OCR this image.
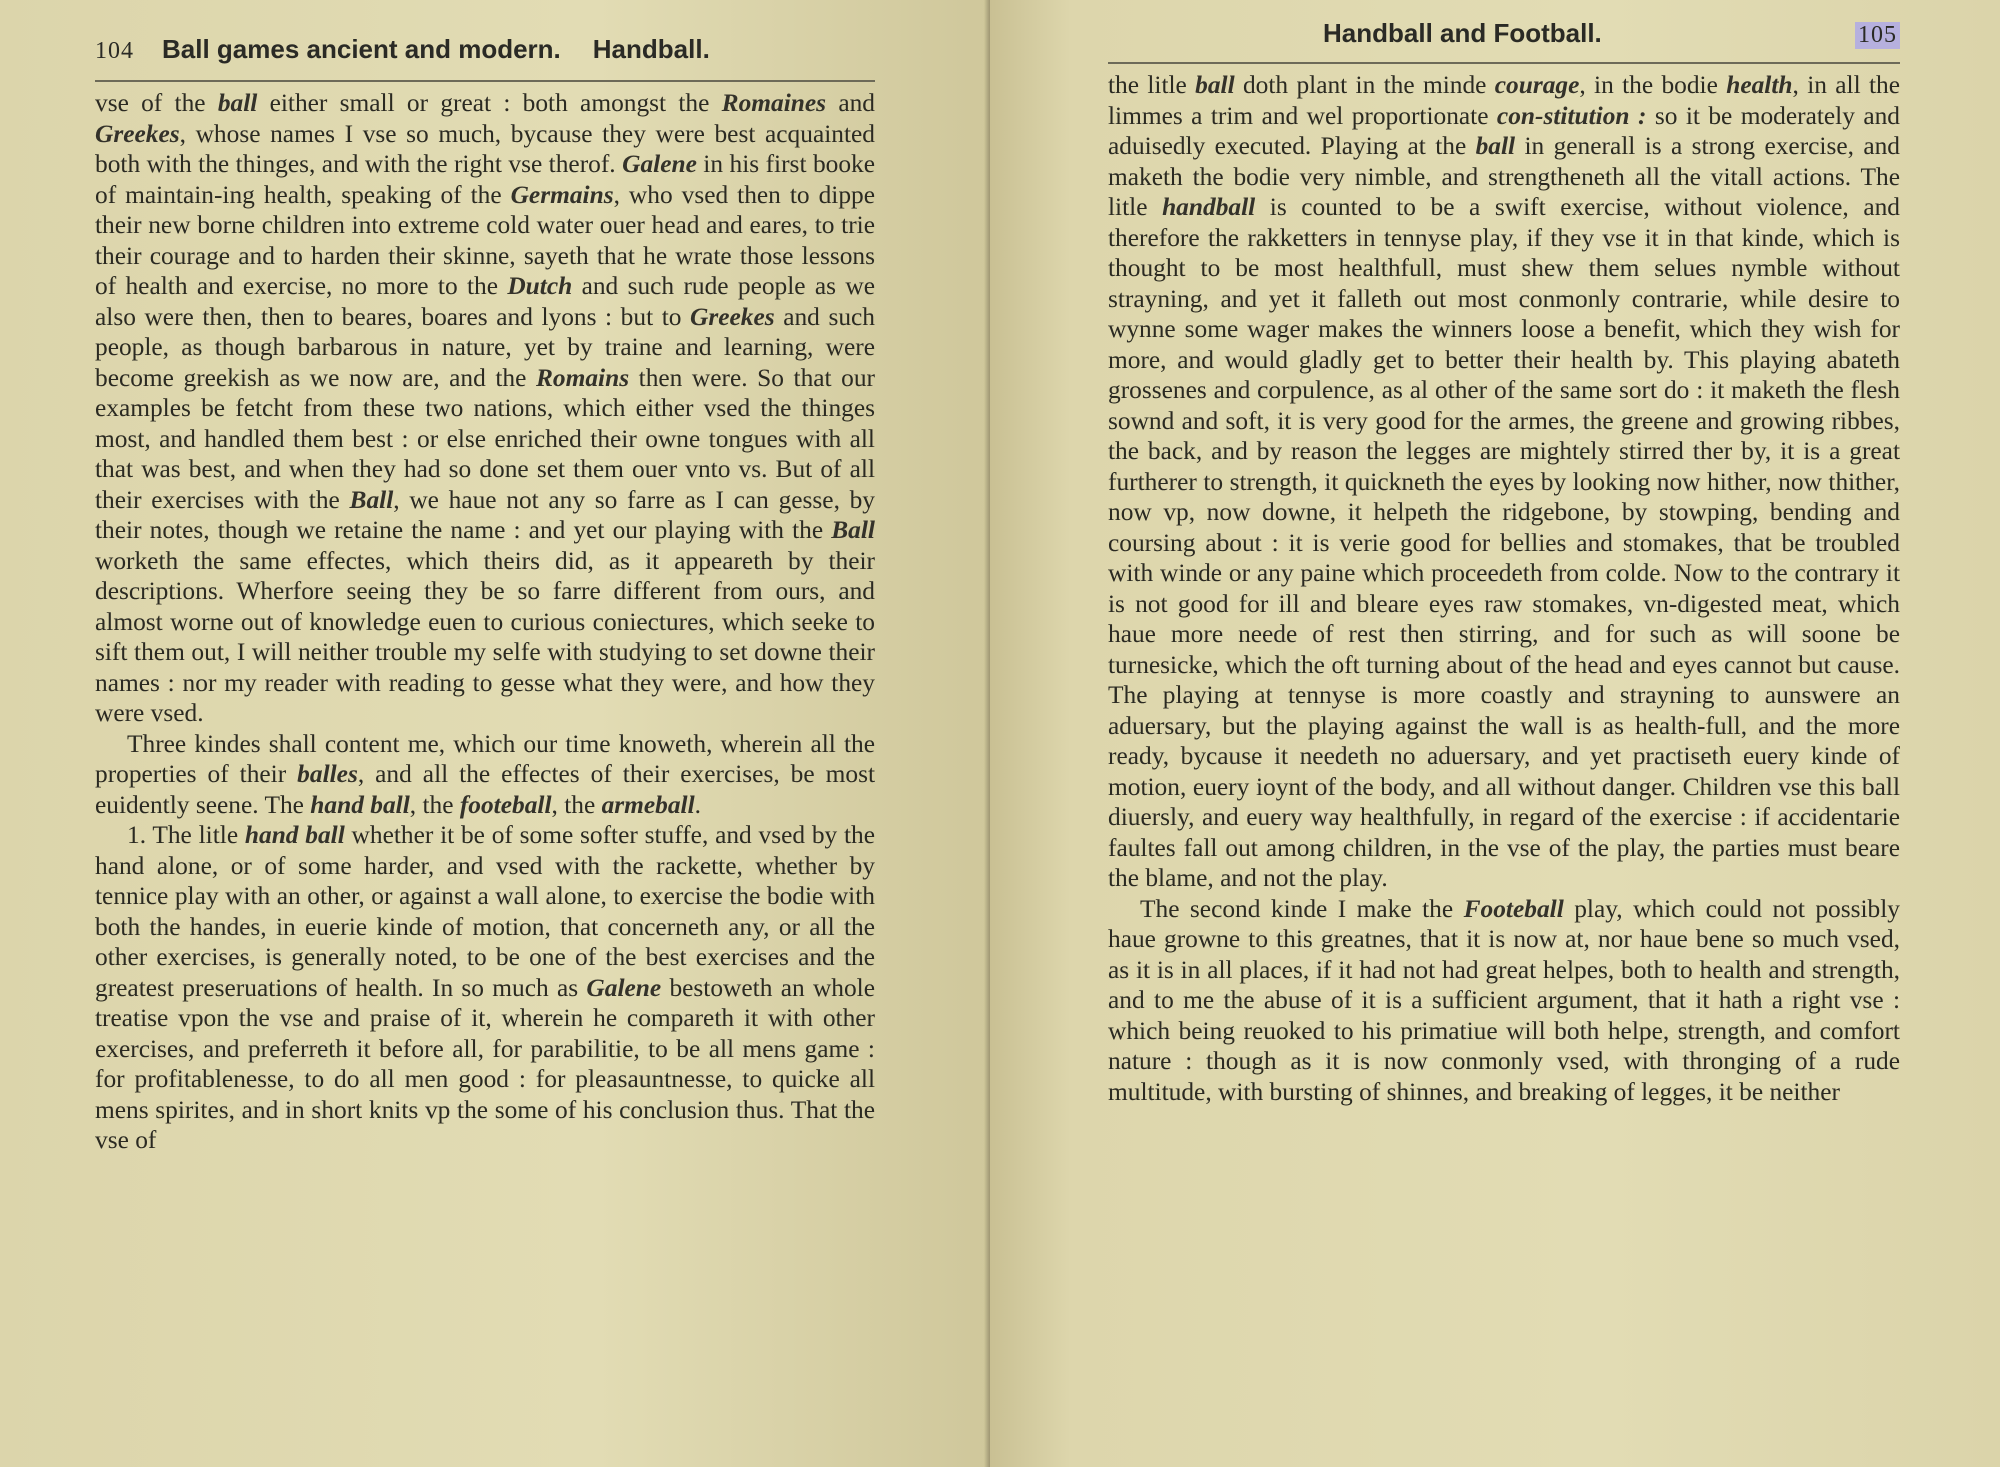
104 Ball games ancient and modern. Handball.

vse of the ball either small or great : both amongst the Romaines and Greekes, whose names I vse so much, bycause they were best acquainted both with the thinges, and with the right vse therof. Galene in his first booke of maintain-ing health, speaking of the Germains, who vsed then to dippe their new borne children into extreme cold water ouer head and eares, to trie their courage and to harden their skinne, sayeth that he wrate those lessons of health and exercise, no more to the Dutch and such rude people as we also were then, then to beares, boares and lyons : but to Greekes and such people, as though barbarous in nature, yet by traine and learning, were become greekish as we now are, and the Romains then were. So that our examples be fetcht from these two nations, which either vsed the thinges most, and handled them best : or else enriched their owne tongues with all that was best, and when they had so done set them ouer vnto vs. But of all their exercises with the Ball, we haue not any so farre as I can gesse, by their notes, though we retaine the name : and yet our playing with the Ball worketh the same effectes, which theirs did, as it appeareth by their descriptions. Wherfore seeing they be so farre different from ours, and almost worne out of knowledge euen to curious coniectures, which seeke to sift them out, I will neither trouble my selfe with studying to set downe their names : nor my reader with reading to gesse what they were, and how they were vsed.

Three kindes shall content me, which our time knoweth, wherein all the properties of their balles, and all the effectes of their exercises, be most euidently seene. The hand ball, the footeball, the armeball.

1. The litle hand ball whether it be of some softer stuffe, and vsed by the hand alone, or of some harder, and vsed with the rackette, whether by tennice play with an other, or against a wall alone, to exercise the bodie with both the handes, in euerie kinde of motion, that concerneth any, or all the other exercises, is generally noted, to be one of the best exercises and the greatest preseruations of health. In so much as Galene bestoweth an whole treatise vpon the vse and praise of it, wherein he compareth it with other exercises, and preferreth it before all, for parabilitie, to be all mens game : for profitablenesse, to do all men good : for pleasauntnesse, to quicke all mens spirites, and in short knits vp the some of his conclusion thus. That the vse of

Handball and Football.	105

the litle ball doth plant in the minde courage, in the bodie health, in all the limmes a trim and wel proportionate con-stitution : so it be moderately and aduisedly executed. Playing at the ball in generall is a strong exercise, and maketh the bodie very nimble, and strengtheneth all the vitall actions. The litle handball is counted to be a swift exercise, without violence, and therefore the rakketters in tennyse play, if they vse it in that kinde, which is thought to be most healthfull, must shew them selues nymble without strayning, and yet it falleth out most conmonly contrarie, while desire to wynne some wager makes the winners loose a benefit, which they wish for more, and would gladly get to better their health by. This playing abateth grossenes and corpulence, as al other of the same sort do : it maketh the flesh sownd and soft, it is very good for the armes, the greene and growing ribbes, the back, and by reason the legges are mightely stirred ther by, it is a great furtherer to strength, it quickneth the eyes by looking now hither, now thither, now vp, now downe, it helpeth the ridgebone, by stowping, bending and coursing about : it is verie good for bellies and stomakes, that be troubled with winde or any paine which proceedeth from colde. Now to the contrary it is not good for ill and bleare eyes raw stomakes, vn-digested meat, which haue more neede of rest then stirring, and for such as will soone be turnesicke, which the oft turning about of the head and eyes cannot but cause. The playing at tennyse is more coastly and strayning to aunswere an aduersary, but the playing against the wall is as health-full, and the more ready, bycause it needeth no aduersary, and yet practiseth euery kinde of motion, euery ioynt of the body, and all without danger. Children vse this ball diuersly, and euery way healthfully, in regard of the exercise : if accidentarie faultes fall out among children, in the vse of the play, the parties must beare the blame, and not the play.

The second kinde I make the Footeball play, which could not possibly haue growne to this greatnes, that it is now at, nor haue bene so much vsed, as it is in all places, if it had not had great helpes, both to health and strength, and to me the abuse of it is a sufficient argument, that it hath a right vse : which being reuoked to his primatiue will both helpe, strength, and comfort nature : though as it is now conmonly vsed, with thronging of a rude multitude, with bursting of shinnes, and breaking of legges, it be neither
